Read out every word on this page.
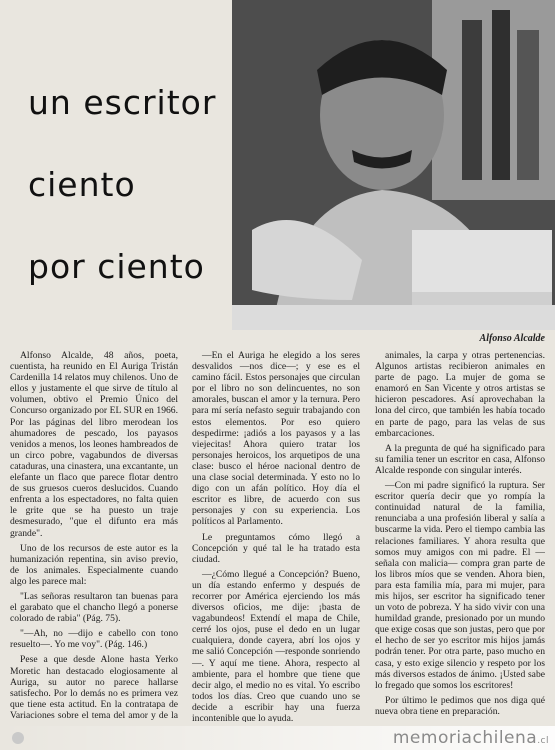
un escritor
ciento
por ciento
Alfonso Alcalde

Alfonso Alcalde, 48 años, poeta, cuentista, ha reunido en El Auriga Tristán Cardenilla 14 relatos muy chilenos. Uno de ellos y justamente el que sirve de título al volumen, obtivo el Premio Único del Concurso organizado por EL SUR en 1966. Por las páginas del libro merodean los ahumadores de pescado, los payasos venidos a menos, los leones hambreados de un circo pobre, vagabundos de diversas cataduras, una cinastera, una excantante, un elefante un flaco que parece flotar dentro de sus gruesos cueros deslucidos. Cuando enfrenta a los espectadores, no falta quien le grite que se ha puesto un traje desmesurado, "que el difunto era más grande".

Uno de los recursos de este autor es la humanización repentina, sin aviso previo, de los animales. Especialmente cuando algo les parece mal:

"Las señoras resultaron tan buenas para el garabato que el chancho llegó a ponerse colorado de rabia" (Pág. 75).

"—Ah, no —dijo e cabello con tono resuelto—. Yo me voy". (Pág. 146.)

Pese a que desde Alone hasta Yerko Moretic han destacado elogiosamente al Auriga, su autor no parece hallarse satisfecho. Por lo demás no es primera vez que tiene esta actitud. En la contratapa de Variaciones sobre el tema del amor y de la

—En el Auriga he elegido a los seres desvalidos —nos dice—; y ese es el camino fácil. Estos personajes que circulan por el libro no son delincuentes, no son amorales, buscan el amor y la ternura. Pero para mí sería nefasto seguir trabajando con estos elementos. Por eso quiero despedirme: ¡adiós a los payasos y a las viejecitas! Ahora quiero tratar los personajes heroicos, los arquetipos de una clase: busco el héroe nacional dentro de una clase social determinada. Y esto no lo digo con un afán político. Hoy día el escritor es libre, de acuerdo con sus personajes y con su experiencia. Los políticos al Parlamento.

Le preguntamos cómo llegó a Concepción y qué tal le ha tratado esta ciudad.

—¿Cómo llegué a Concepción? Bueno, un día estando enfermo y después de recorrer por América ejerciendo los más diversos oficios, me dije: ¡basta de vagabundeos! Extendí el mapa de Chile, cerré los ojos, puse el dedo en un lugar cualquiera, donde cayera, abrí los ojos y me salió Concepción —responde sonriendo—. Y aquí me tiene. Ahora, respecto al ambiente, para el hombre que tiene que decir algo, el medio no es vital. Yo escribo todos los días. Creo que cuando uno se decide a escribir hay una fuerza incontenible que lo ayuda.

animales, la carpa y otras pertenencias. Algunos artistas recibieron animales en parte de pago. La mujer de goma se enamoró en San Vicente y otros artistas se hicieron pescadores. Así aprovechaban la lona del circo, que también les había tocado en parte de pago, para las velas de sus embarcaciones.

A la pregunta de qué ha significado para su familia tener un escritor en casa, Alfonso Alcalde responde con singular interés.

—Con mi padre significó la ruptura. Ser escritor quería decir que yo rompía la continuidad natural de la familia, renunciaba a una profesión liberal y salía a buscarme la vida. Pero el tiempo cambia las relaciones familiares. Y ahora resulta que somos muy amigos con mi padre. El —señala con malicia— compra gran parte de los libros míos que se venden. Ahora bien, para esta familia mía, para mi mujer, para mis hijos, ser escritor ha significado tener un voto de pobreza. Y ha sido vivir con una humildad grande, presionado por un mundo que exige cosas que son justas, pero que por el hecho de ser yo escritor mis hijos jamás podrán tener. Por otra parte, paso mucho en casa, y esto exige silencio y respeto por los más diversos estados de ánimo. ¡Usted sabe lo fregado que somos los escritores!

Por último le pedimos que nos diga qué nueva obra tiene en preparación.

memoriachilena.cl
